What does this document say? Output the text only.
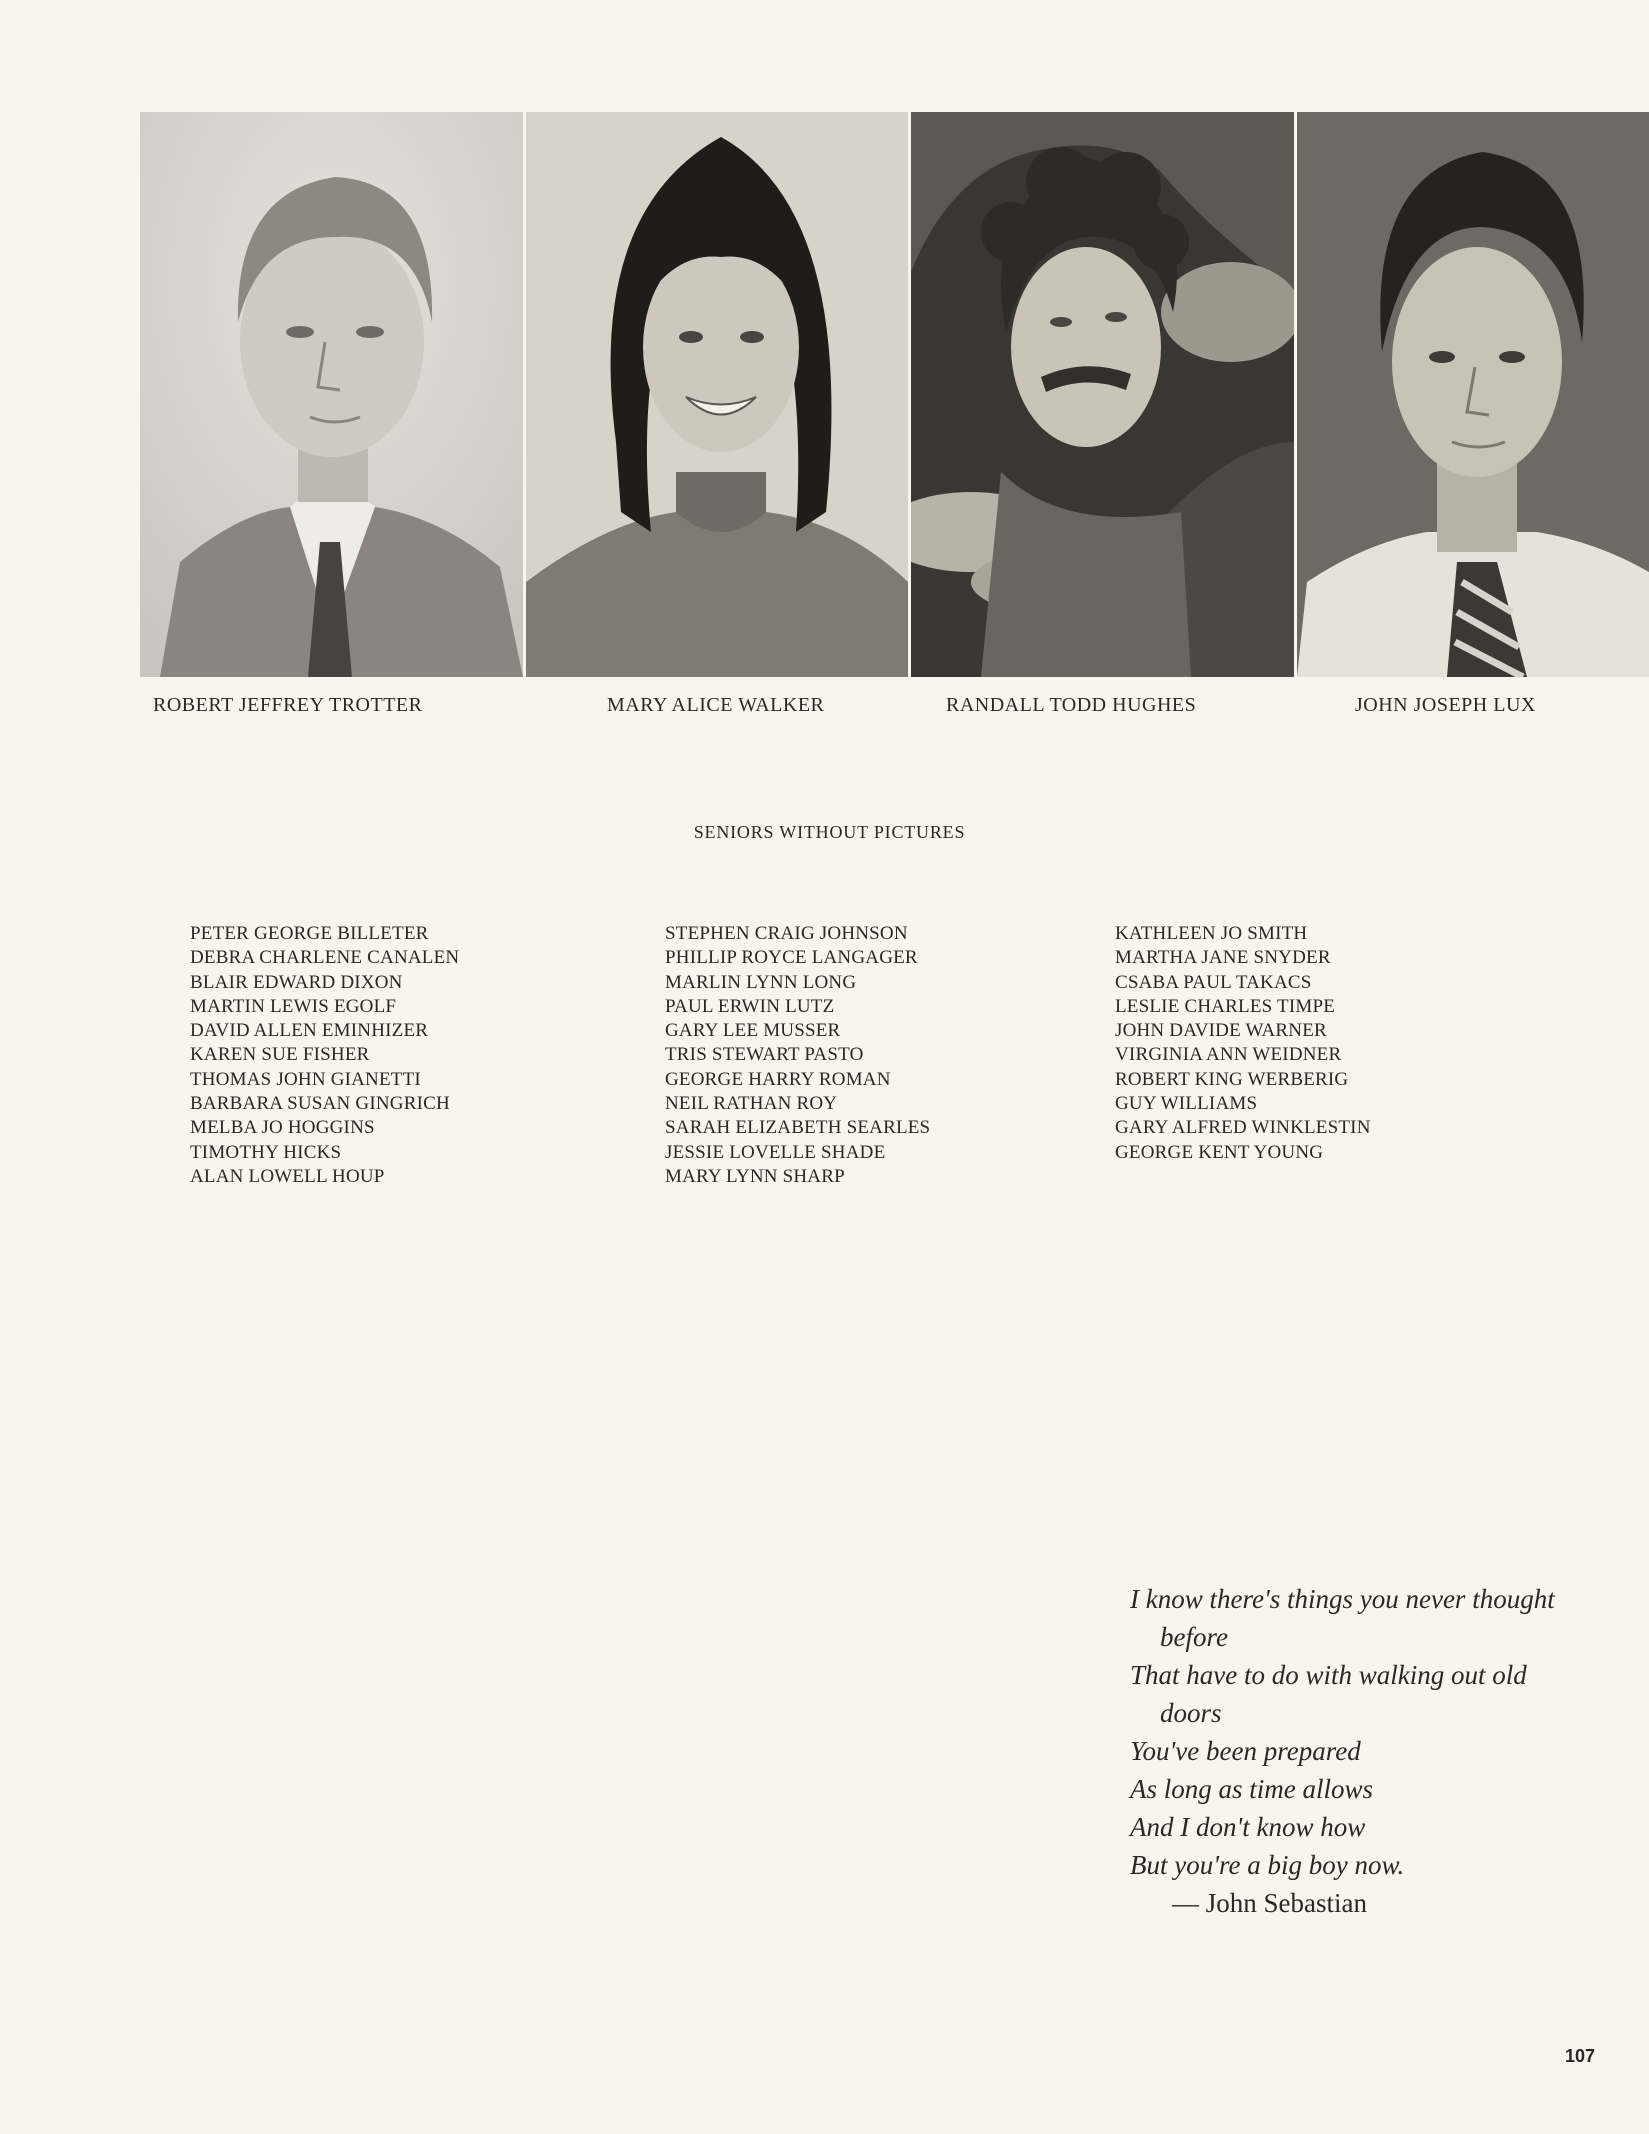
ROBERT JEFFREY TROTTER	MARY ALICE WALKER	RANDALL TODD HUGHES	JOHN JOSEPH LUX
SENIORS WITHOUT PICTURES
PETER GEORGE BILLETER
DEBRA CHARLENE CANALEN
BLAIR EDWARD DIXON
MARTIN LEWIS EGOLF
DAVID ALLEN EMINHIZER
KAREN SUE FISHER
THOMAS JOHN GIANETTI
BARBARA SUSAN GINGRICH
MELBA JO HOGGINS
TIMOTHY HICKS
ALAN LOWELL HOUP
STEPHEN CRAIG JOHNSON
PHILLIP ROYCE LANGAGER
MARLIN LYNN LONG
PAUL ERWIN LUTZ
GARY LEE MUSSER
TRIS STEWART PASTO
GEORGE HARRY ROMAN
NEIL RATHAN ROY
SARAH ELIZABETH SEARLES
JESSIE LOVELLE SHADE
MARY LYNN SHARP
KATHLEEN JO SMITH
MARTHA JANE SNYDER
CSABA PAUL TAKACS
LESLIE CHARLES TIMPE
JOHN DAVIDE WARNER
VIRGINIA ANN WEIDNER
ROBERT KING WERBERIG
GUY WILLIAMS
GARY ALFRED WINKLESTIN
GEORGE KENT YOUNG
I know there's things you never thought
before
That have to do with walking out old
doors
You've been prepared
As long as time allows
And I don't know how
But you're a big boy now.
— John Sebastian
107
